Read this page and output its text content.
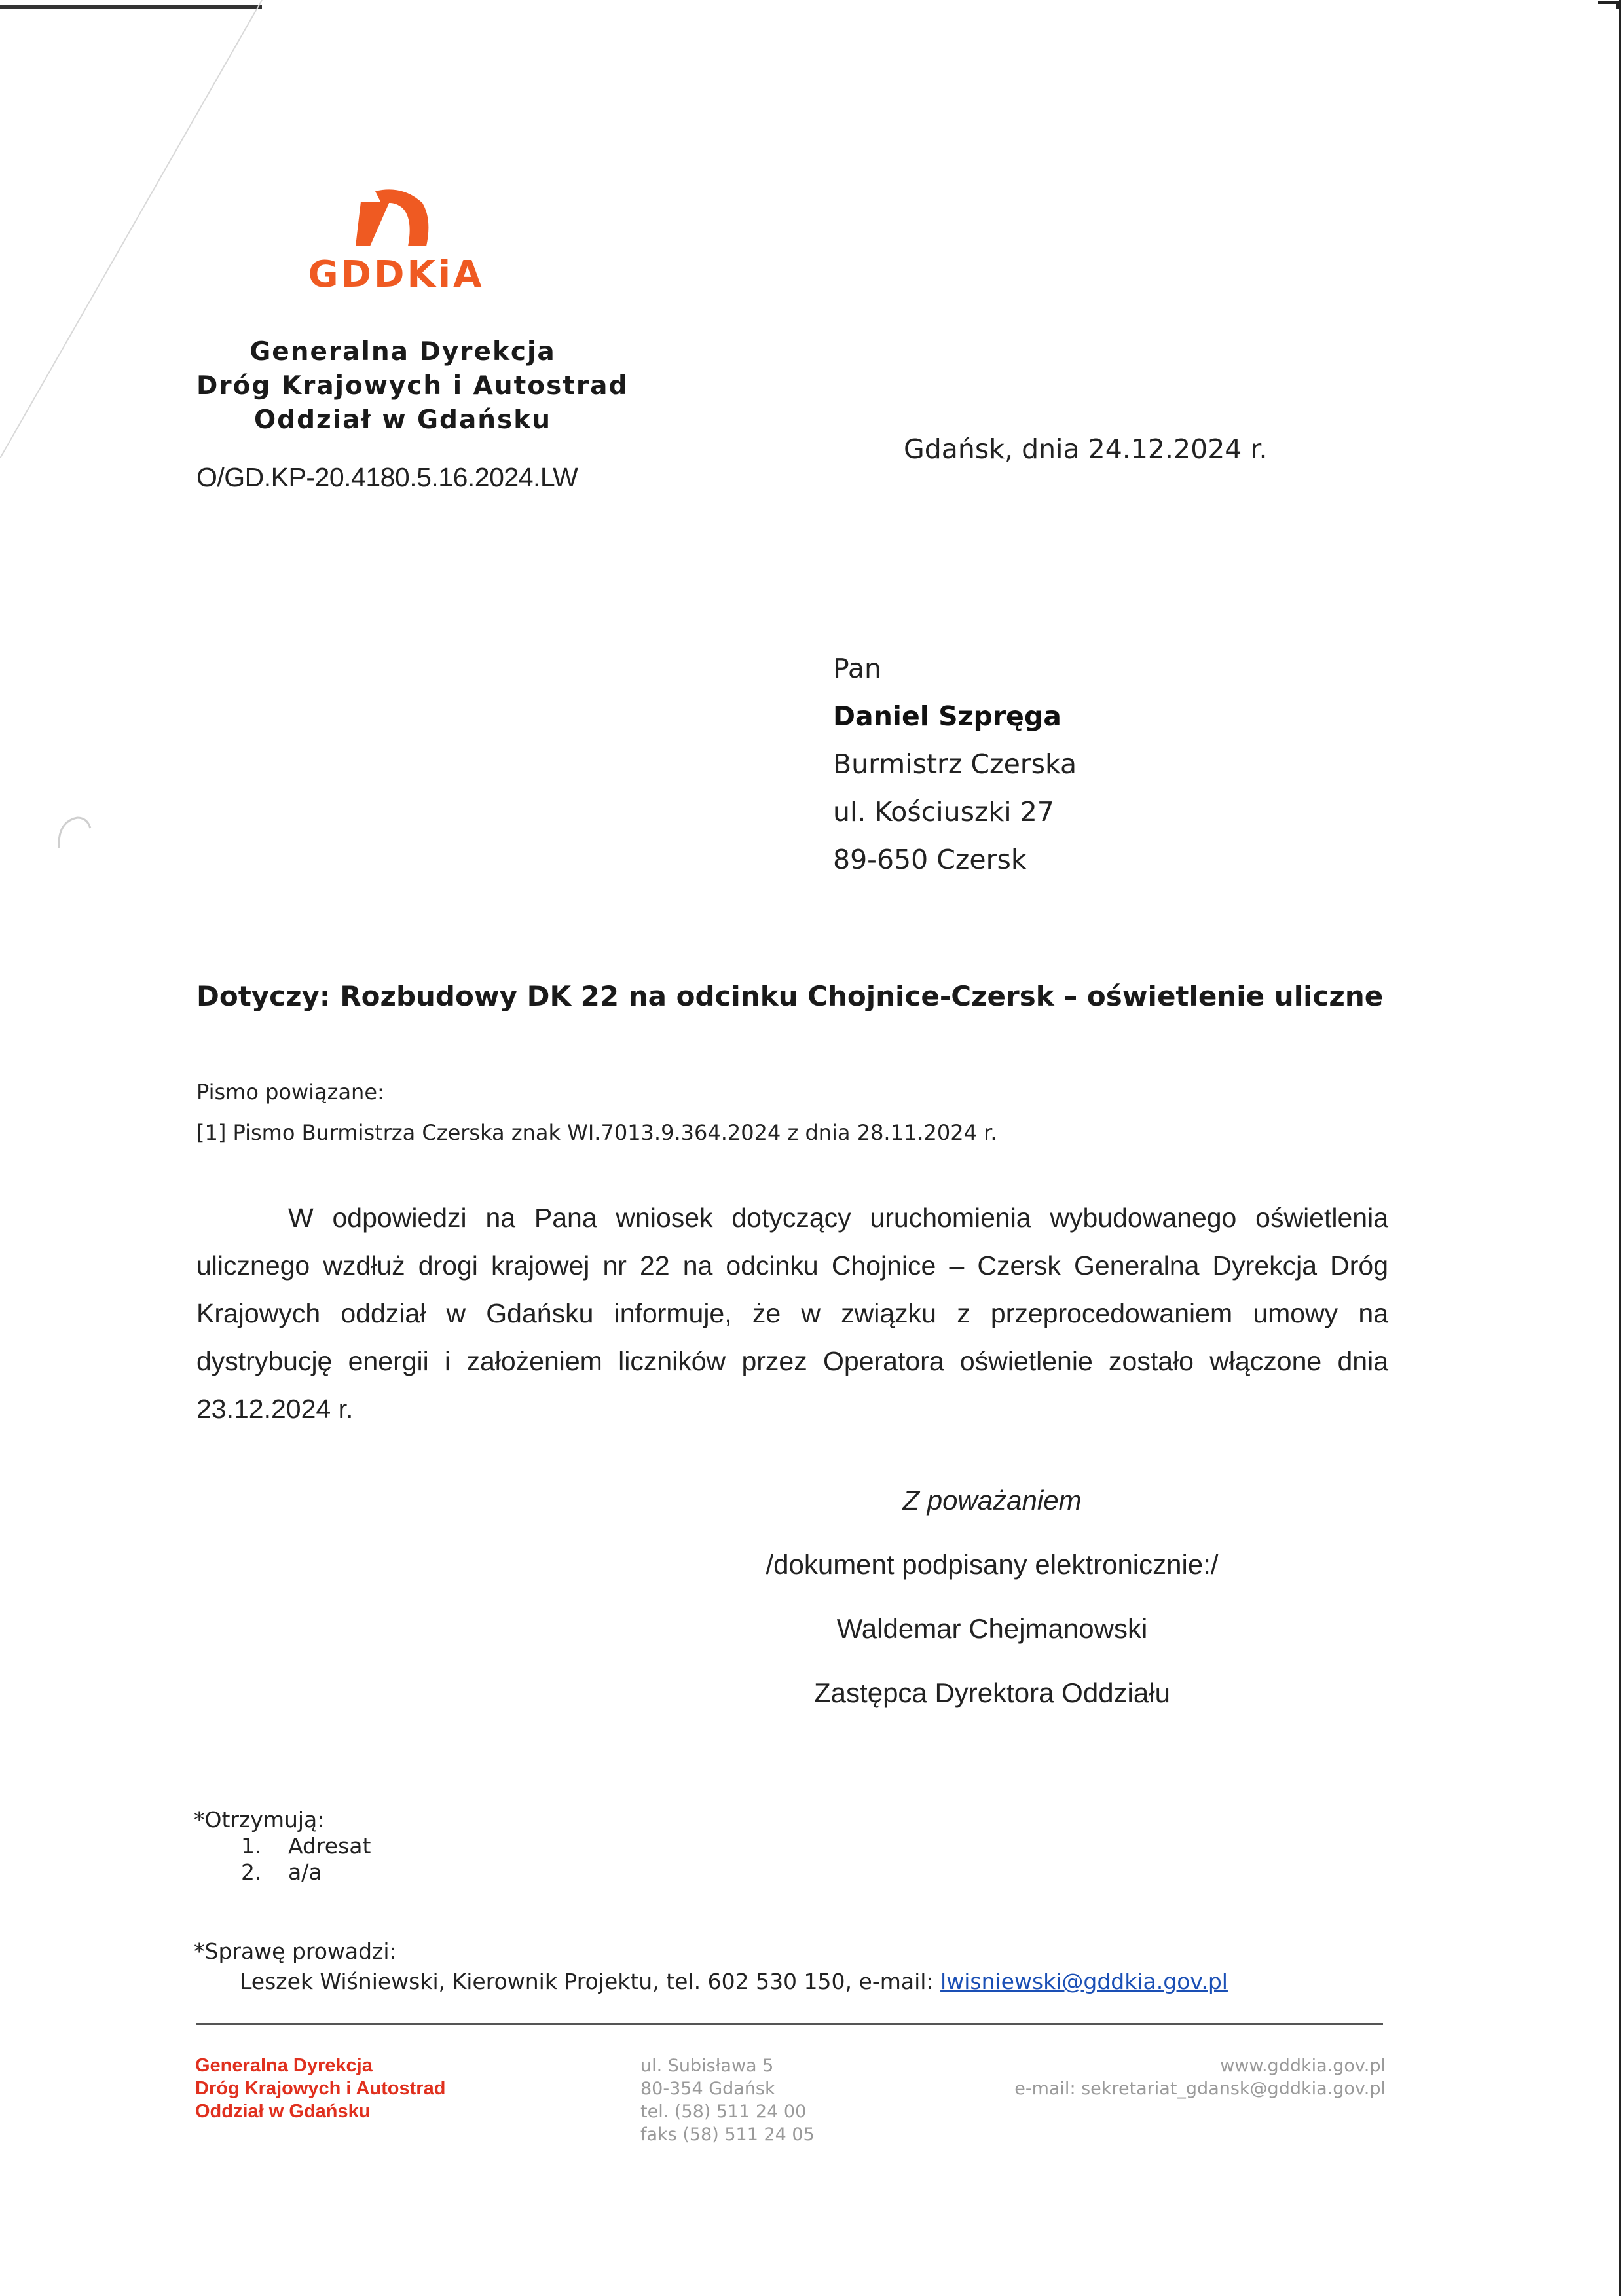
GDDKiA
Generalna Dyrekcja
Dróg Krajowych i Autostrad
Oddział w Gdańsku
O/GD.KP-20.4180.5.16.2024.LW
Gdańsk, dnia 24.12.2024 r.
Pan
Daniel Szpręga
Burmistrz Czerska
ul. Kościuszki 27
89-650 Czersk
Dotyczy: Rozbudowy DK 22 na odcinku Chojnice-Czersk – oświetlenie uliczne
Pismo powiązane:
[1] Pismo Burmistrza Czerska znak WI.7013.9.364.2024 z dnia 28.11.2024 r.
W odpowiedzi na Pana wniosek dotyczący uruchomienia wybudowanego oświetlenia ulicznego wzdłuż drogi krajowej nr 22 na odcinku Chojnice – Czersk Generalna Dyrekcja Dróg Krajowych oddział w Gdańsku informuje, że w związku z przeprocedowaniem umowy na dystrybucję energii i założeniem liczników przez Operatora oświetlenie zostało włączone dnia 23.12.2024 r.
Z poważaniem
/dokument podpisany elektronicznie:/
Waldemar Chejmanowski
Zastępca Dyrektora Oddziału
*Otrzymują:
1. Adresat
2. a/a
*Sprawę prowadzi:
Leszek Wiśniewski, Kierownik Projektu, tel. 602 530 150, e-mail: lwisniewski@gddkia.gov.pl
Generalna Dyrekcja
Dróg Krajowych i Autostrad
Oddział w Gdańsku
ul. Subisława 5
80-354 Gdańsk
tel. (58) 511 24 00
faks (58) 511 24 05
www.gddkia.gov.pl
e-mail: sekretariat_gdansk@gddkia.gov.pl
